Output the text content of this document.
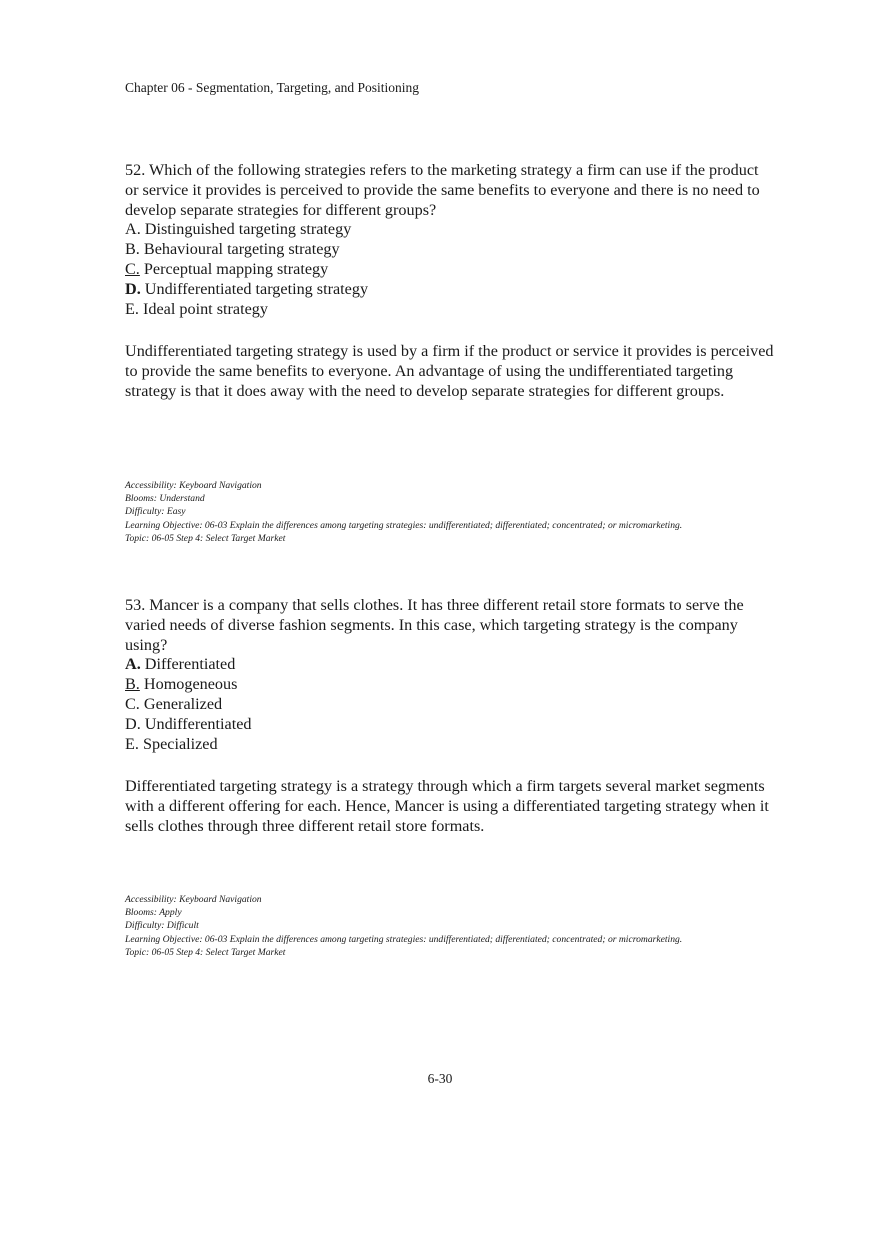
Chapter 06 - Segmentation, Targeting, and Positioning

52. Which of the following strategies refers to the marketing strategy a firm can use if the product or service it provides is perceived to provide the same benefits to everyone and there is no need to develop separate strategies for different groups?

A. Distinguished targeting strategy
B. Behavioural targeting strategy
C. Perceptual mapping strategy
D. Undifferentiated targeting strategy
E. Ideal point strategy

Undifferentiated targeting strategy is used by a firm if the product or service it provides is perceived to provide the same benefits to everyone. An advantage of using the undifferentiated targeting strategy is that it does away with the need to develop separate strategies for different groups.

Accessibility: Keyboard Navigation
Blooms: Understand
Difficulty: Easy
Learning Objective: 06-03 Explain the differences among targeting strategies: undifferentiated; differentiated; concentrated; or micromarketing.
Topic: 06-05 Step 4: Select Target Market

53. Mancer is a company that sells clothes. It has three different retail store formats to serve the varied needs of diverse fashion segments. In this case, which targeting strategy is the company using?

A. Differentiated
B. Homogeneous
C. Generalized
D. Undifferentiated
E. Specialized

Differentiated targeting strategy is a strategy through which a firm targets several market segments with a different offering for each. Hence, Mancer is using a differentiated targeting strategy when it sells clothes through three different retail store formats.

Accessibility: Keyboard Navigation
Blooms: Apply
Difficulty: Difficult
Learning Objective: 06-03 Explain the differences among targeting strategies: undifferentiated; differentiated; concentrated; or micromarketing.
Topic: 06-05 Step 4: Select Target Market
6-30
